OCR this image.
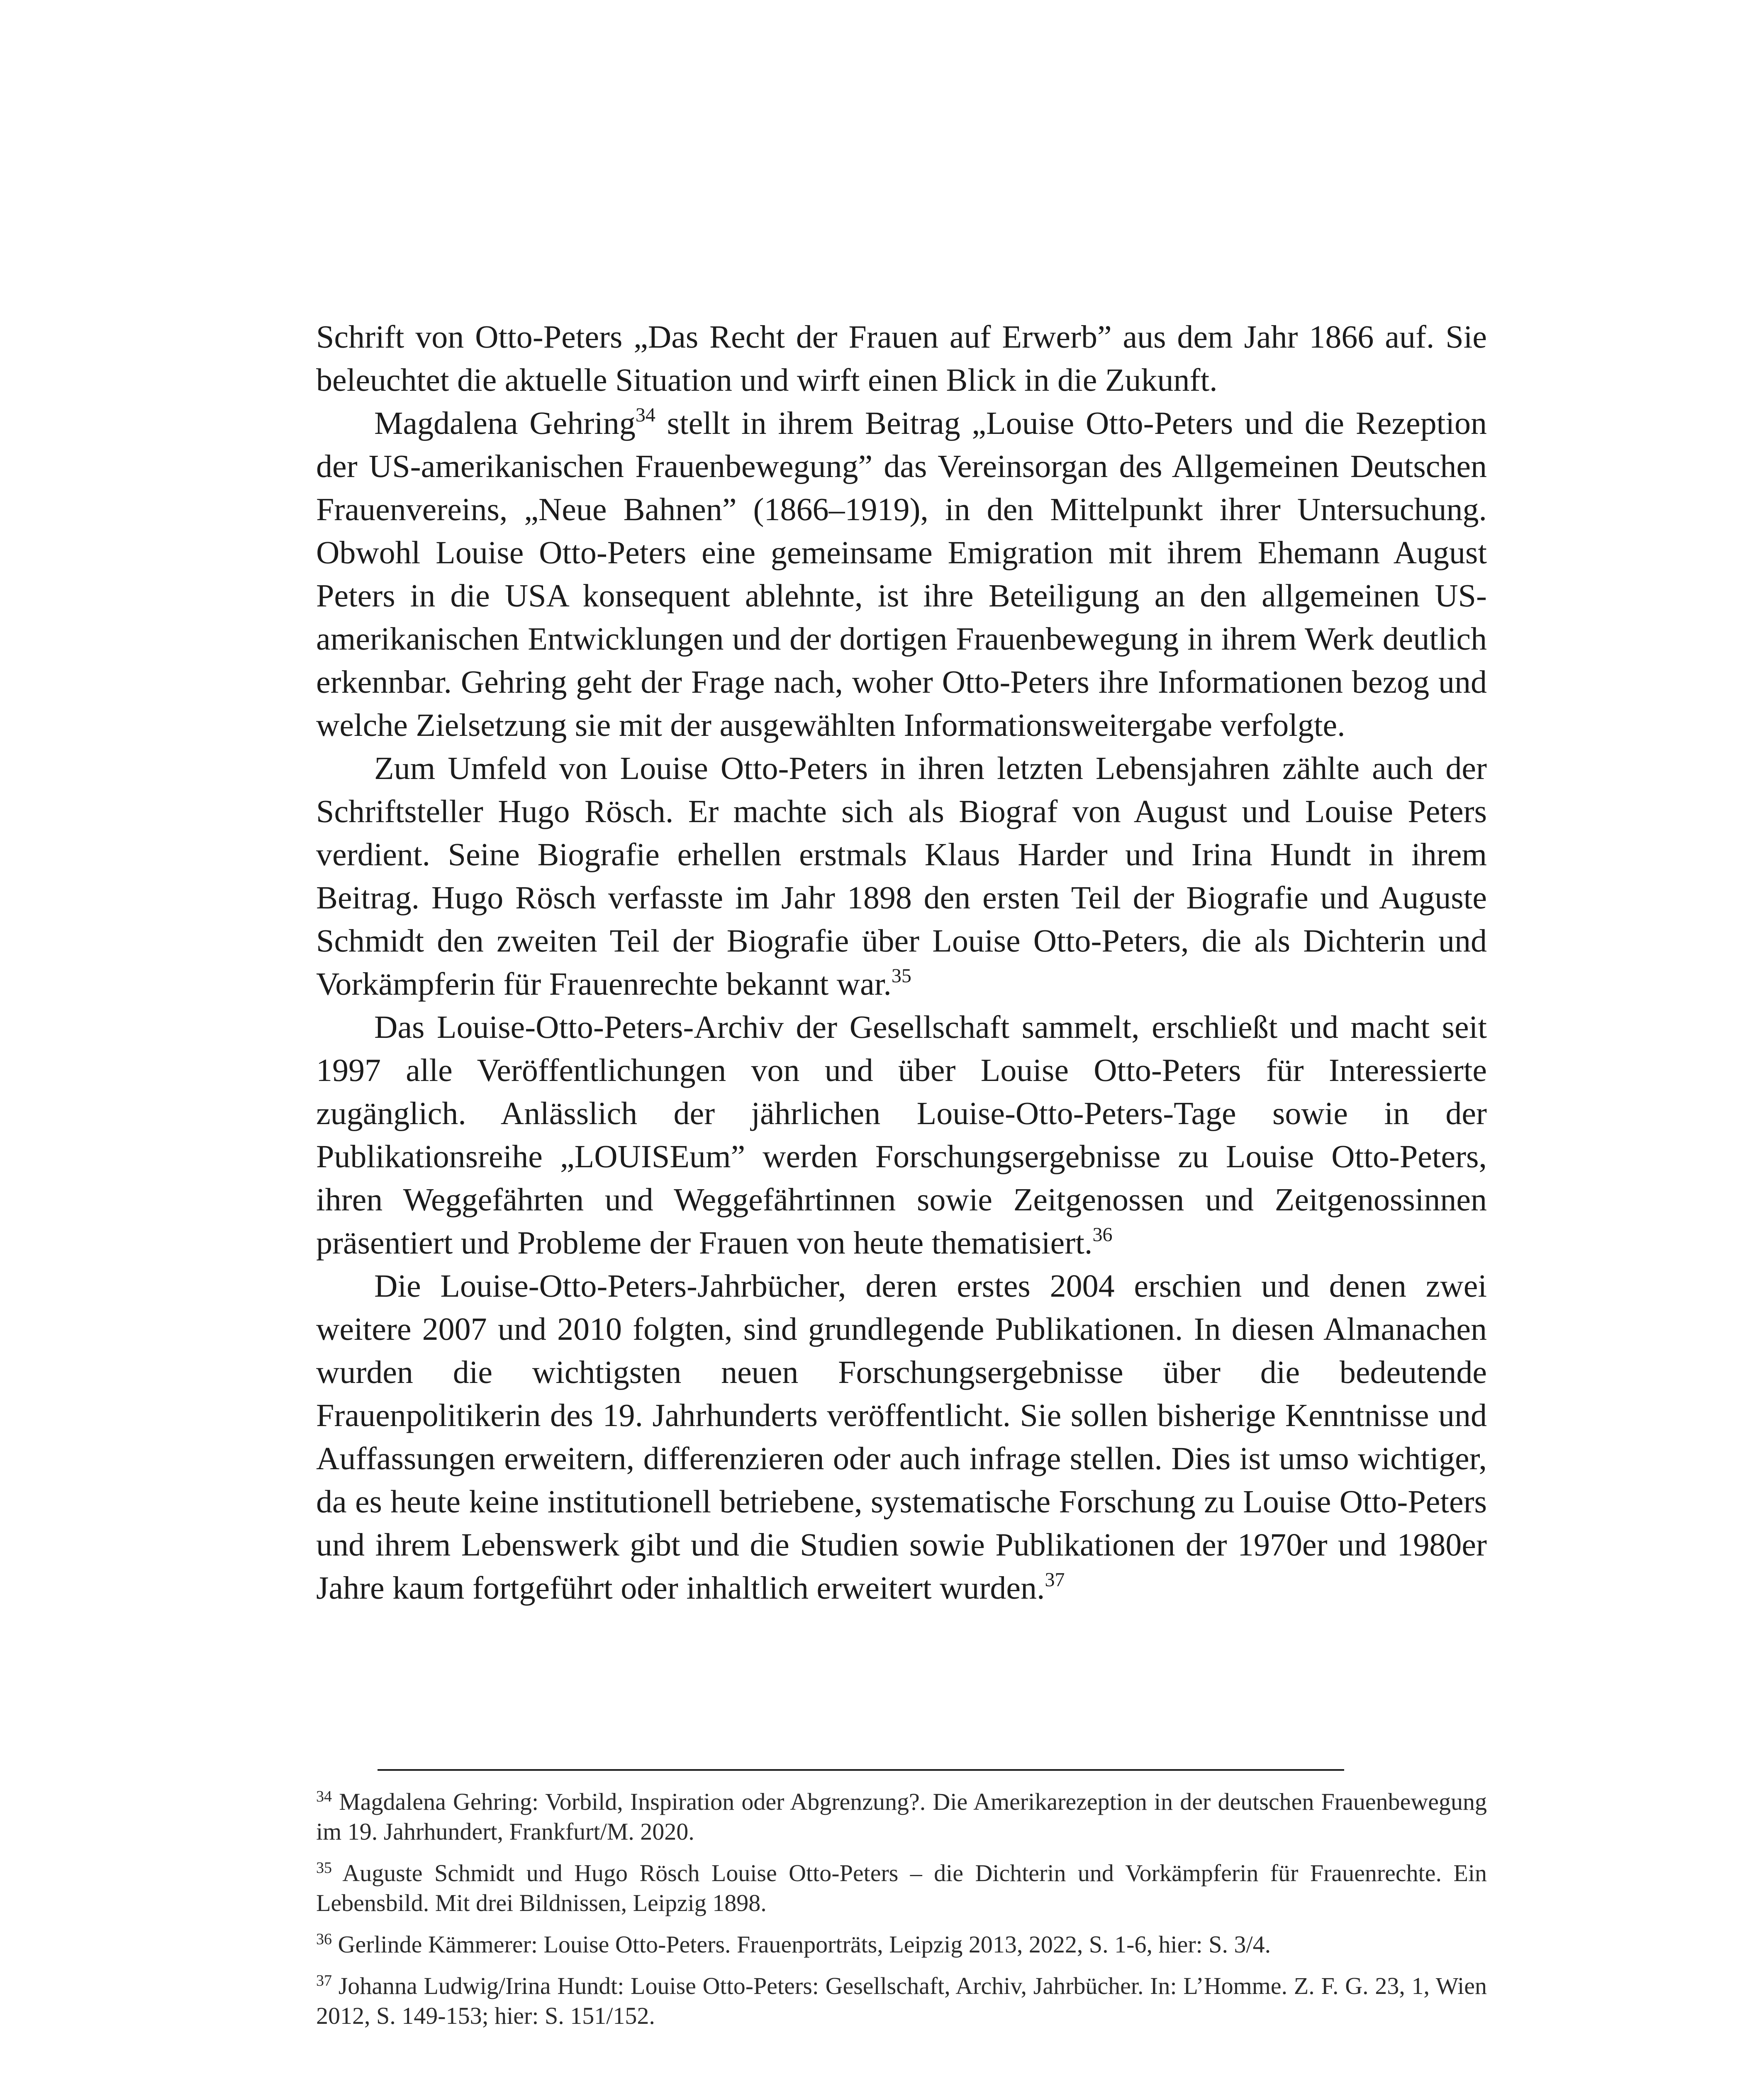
Schrift von Otto-Peters „Das Recht der Frauen auf Erwerb” aus dem Jahr 1866 auf. Sie beleuchtet die aktuelle Situation und wirft einen Blick in die Zukunft.

Magdalena Gehring$^{34}$ stellt in ihrem Beitrag „Louise Otto-Peters und die Rezeption der US-amerikanischen Frauenbewegung” das Vereinsorgan des Allgemeinen Deutschen Frauenvereins, „Neue Bahnen” (1866–1919), in den Mittelpunkt ihrer Untersuchung. Obwohl Louise Otto-Peters eine gemeinsame Emigration mit ihrem Ehemann August Peters in die USA konsequent ablehnte, ist ihre Beteiligung an den allgemeinen US-amerikanischen Entwicklungen und der dortigen Frauenbewegung in ihrem Werk deutlich erkennbar. Gehring geht der Frage nach, woher Otto-Peters ihre Informationen bezog und welche Zielsetzung sie mit der ausgewählten Informationsweitergabe verfolgte.

Zum Umfeld von Louise Otto-Peters in ihren letzten Lebensjahren zählte auch der Schriftsteller Hugo Rösch. Er machte sich als Biograf von August und Louise Peters verdient. Seine Biografie erhellen erstmals Klaus Harder und Irina Hundt in ihrem Beitrag. Hugo Rösch verfasste im Jahr 1898 den ersten Teil der Biografie und Auguste Schmidt den zweiten Teil der Biografie über Louise Otto-Peters, die als Dichterin und Vorkämpferin für Frauenrechte bekannt war.$^{35}$

Das Louise-Otto-Peters-Archiv der Gesellschaft sammelt, erschließt und macht seit 1997 alle Veröffentlichungen von und über Louise Otto-Peters für Interessierte zugänglich. Anlässlich der jährlichen Louise-Otto-Peters-Tage sowie in der Publikationsreihe „LOUISEum” werden Forschungsergebnisse zu Louise Otto-Peters, ihren Weggefährten und Weggefährtinnen sowie Zeitgenossen und Zeitgenossinnen präsentiert und Probleme der Frauen von heute thematisiert.$^{36}$

Die Louise-Otto-Peters-Jahrbücher, deren erstes 2004 erschien und denen zwei weitere 2007 und 2010 folgten, sind grundlegende Publikationen. In diesen Almanachen wurden die wichtigsten neuen Forschungsergebnisse über die bedeutende Frauenpolitikerin des 19. Jahrhunderts veröffentlicht. Sie sollen bisherige Kenntnisse und Auffassungen erweitern, differenzieren oder auch infrage stellen. Dies ist umso wichtiger, da es heute keine institutionell betriebene, systematische Forschung zu Louise Otto-Peters und ihrem Lebenswerk gibt und die Studien sowie Publikationen der 1970er und 1980er Jahre kaum fortgeführt oder inhaltlich erweitert wurden.$^{37}$

$^{34}$ Magdalena Gehring: Vorbild, Inspiration oder Abgrenzung?. Die Amerikarezeption in der deutschen Frauenbewegung im 19. Jahrhundert, Frankfurt/M. 2020.

$^{35}$ Auguste Schmidt und Hugo Rösch Louise Otto-Peters – die Dichterin und Vorkämpferin für Frauenrechte. Ein Lebensbild. Mit drei Bildnissen, Leipzig 1898.

$^{36}$ Gerlinde Kämmerer: Louise Otto-Peters. Frauenporträts, Leipzig 2013, 2022, S. 1-6, hier: S. 3/4.

$^{37}$ Johanna Ludwig/Irina Hundt: Louise Otto-Peters: Gesellschaft, Archiv, Jahrbücher. In: L’Homme. Z. F. G. 23, 1, Wien 2012, S. 149-153; hier: S. 151/152.
